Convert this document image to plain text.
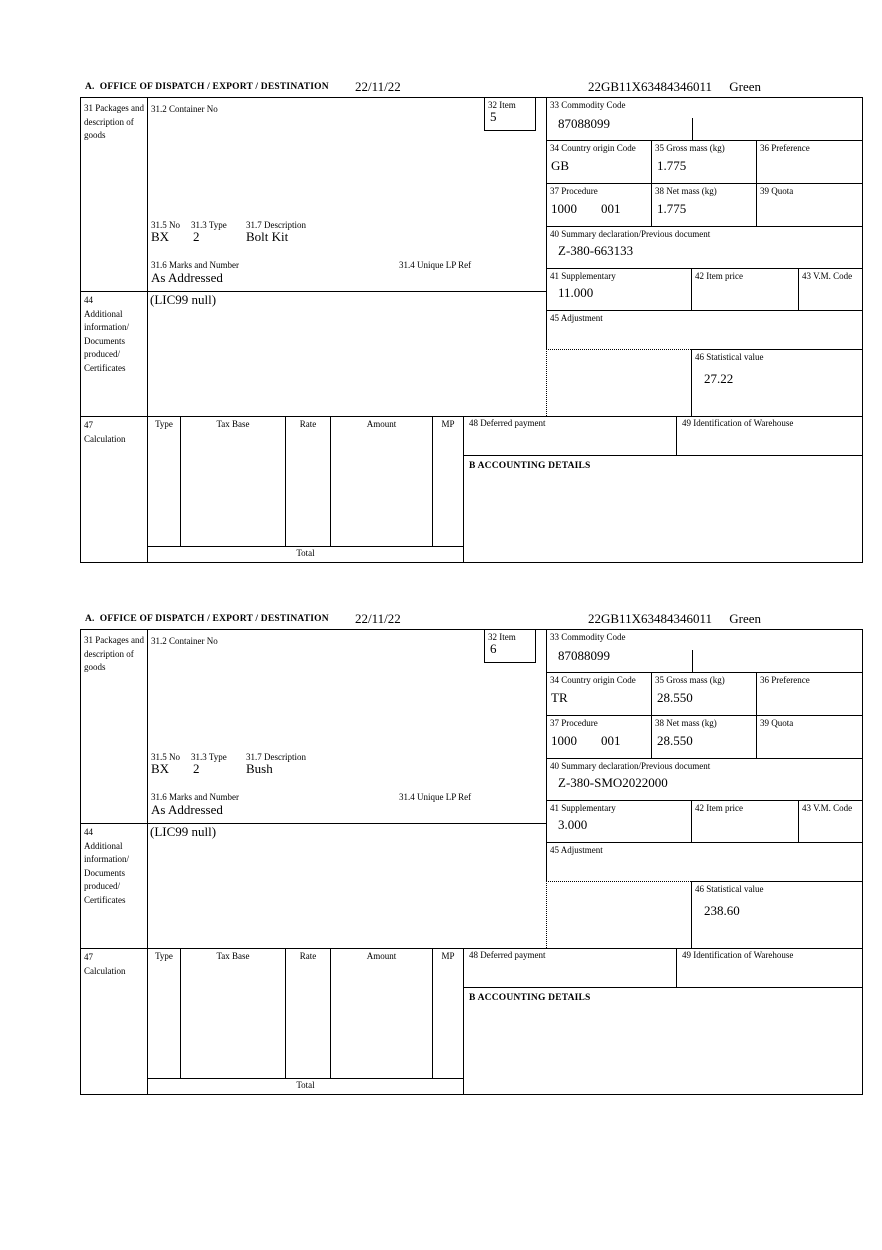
A.  OFFICE OF DISPATCH / EXPORT / DESTINATION 22/11/22	22GB11X63484346011 Green
31 Packages and description of goods
44
Additional information/ Documents produced/ Certificates
47
Calculation
31.2 Container No	32 Item
5
31.5 No 31.3 Type 31.7 Description
BX 2	Bolt Kit
31.6 Marks and Number	31.4 Unique LP Ref
As Addressed
(LIC99 null)
33 Commodity Code
87088099
34 Country origin Code
GB
35 Gross mass (kg)
1.775
36 Preference
37 Procedure
1000 001
38 Net mass (kg)
1.775
39 Quota
40 Summary declaration/Previous document
Z-380-663133
41 Supplementary
11.000
42 Item price	43 V.M. Code
45 Adjustment
46 Statistical value
27.22
Type	Tax Base	Rate	Amount	MP
Total
48 Deferred payment	49 Identification of Warehouse
B ACCOUNTING DETAILS
A.  OFFICE OF DISPATCH / EXPORT / DESTINATION 22/11/22	22GB11X63484346011 Green
31 Packages and description of goods
44
Additional information/ Documents produced/ Certificates
47
Calculation
31.2 Container No	32 Item
6
31.5 No 31.3 Type 31.7 Description
BX 2	Bush
31.6 Marks and Number	31.4 Unique LP Ref
As Addressed
(LIC99 null)
33 Commodity Code
87088099
34 Country origin Code
TR
35 Gross mass (kg)
28.550
36 Preference
37 Procedure
1000 001
38 Net mass (kg)
28.550
39 Quota
40 Summary declaration/Previous document
Z-380-SMO2022000
41 Supplementary
3.000
42 Item price	43 V.M. Code
45 Adjustment
46 Statistical value
238.60
Type	Tax Base	Rate	Amount	MP
Total
48 Deferred payment	49 Identification of Warehouse
B ACCOUNTING DETAILS
